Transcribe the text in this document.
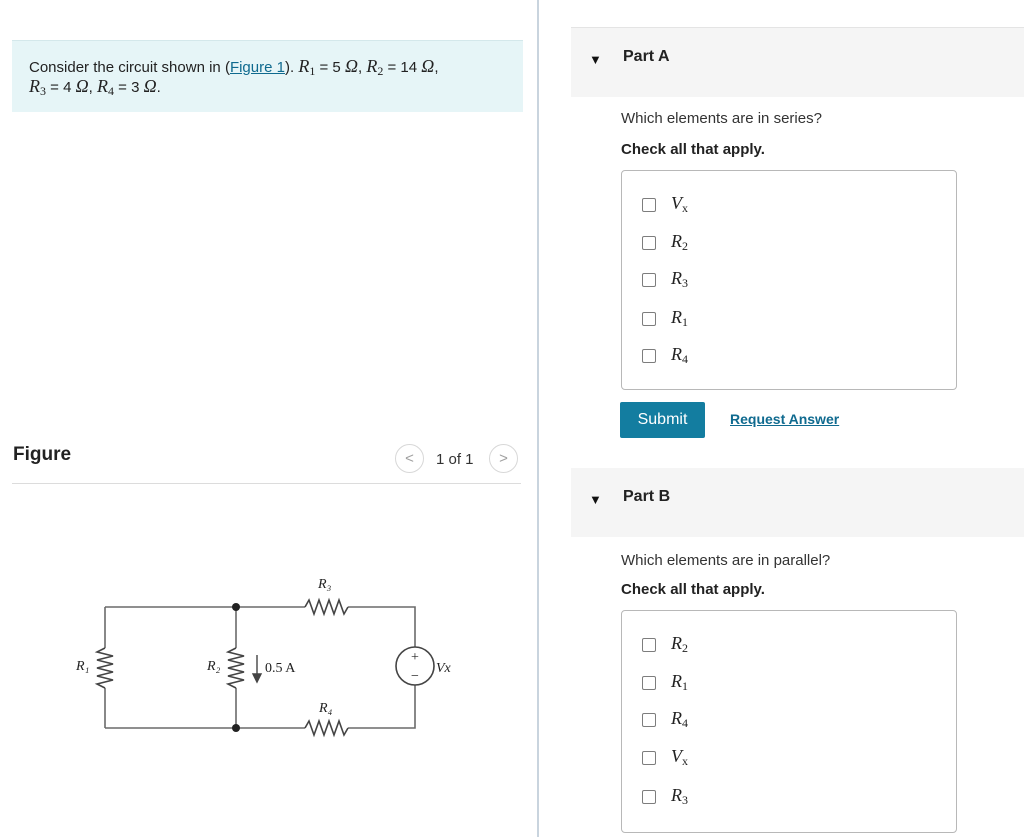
Consider the circuit shown in (Figure 1). $R_1 = 5$ Ω, $R_2 = 14$ Ω,
$R_3 = 4$ Ω, $R_4 = 3$ Ω.
Figure	<	1 of 1	>
+
−
R₁	R₂
R₃
R₄
0.5 A	Vx
▼ Part A
Which elements are in series?
Check all that apply.
$V_x$
$R_2$
$R_3$
$R_1$
$R_4$
Submit	Request Answer
▼ Part B
Which elements are in parallel?
Check all that apply.
$R_2$
$R_1$
$R_4$
$V_x$
$R_3$
